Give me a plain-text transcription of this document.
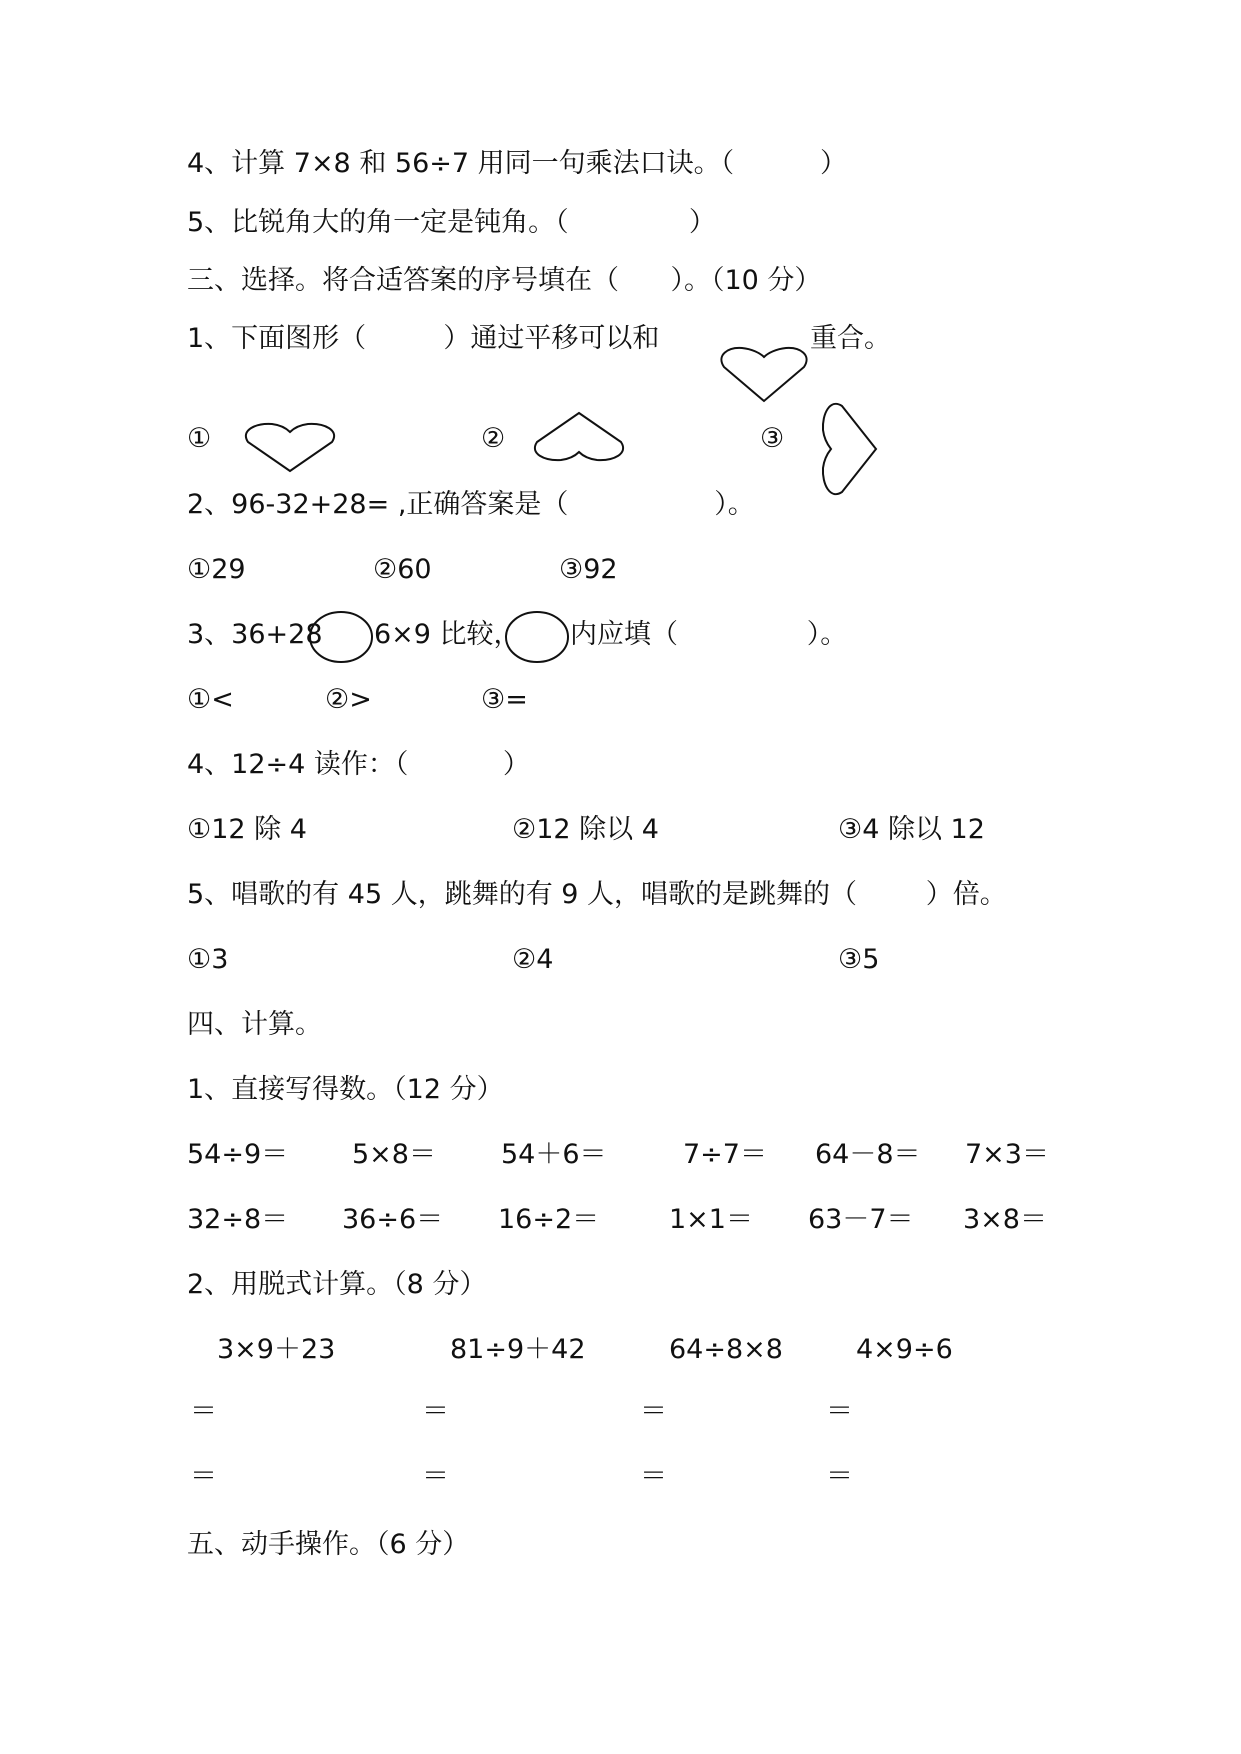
4、计算 7×8 和 56÷7 用同一句乘法口诀。（          ）

5、比锐角大的角一定是钝角。（              ）

三、选择。将合适答案的序号填在（      ）。（10 分）

1、下面图形（         ）通过平移可以和	重合。

①	②	③

2、96-32+28= ,正确答案是（                 ）。

①29	②60	③92

3、36+28 6×9 比较， 内应填（               ）。

①<	②>	③=

4、12÷4 读作：（           ）

①12 除 4	②12 除以 4	③4 除以 12

5、唱歌的有 45 人，跳舞的有 9 人，唱歌的是跳舞的（        ）倍。

①3	②4	③5

四、计算。

1、直接写得数。（12 分）

54÷9＝ 5×8＝ 54＋6＝	7÷7＝ 64－8＝ 7×3＝

32÷8＝ 36÷6＝ 16÷2＝	1×1＝ 63－7＝ 3×8＝

2、用脱式计算。（8 分）

3×9＋23	81÷9＋42	64÷8×8	4×9÷6

＝	＝	＝	＝

＝	＝	＝	＝

五、动手操作。（6 分）
